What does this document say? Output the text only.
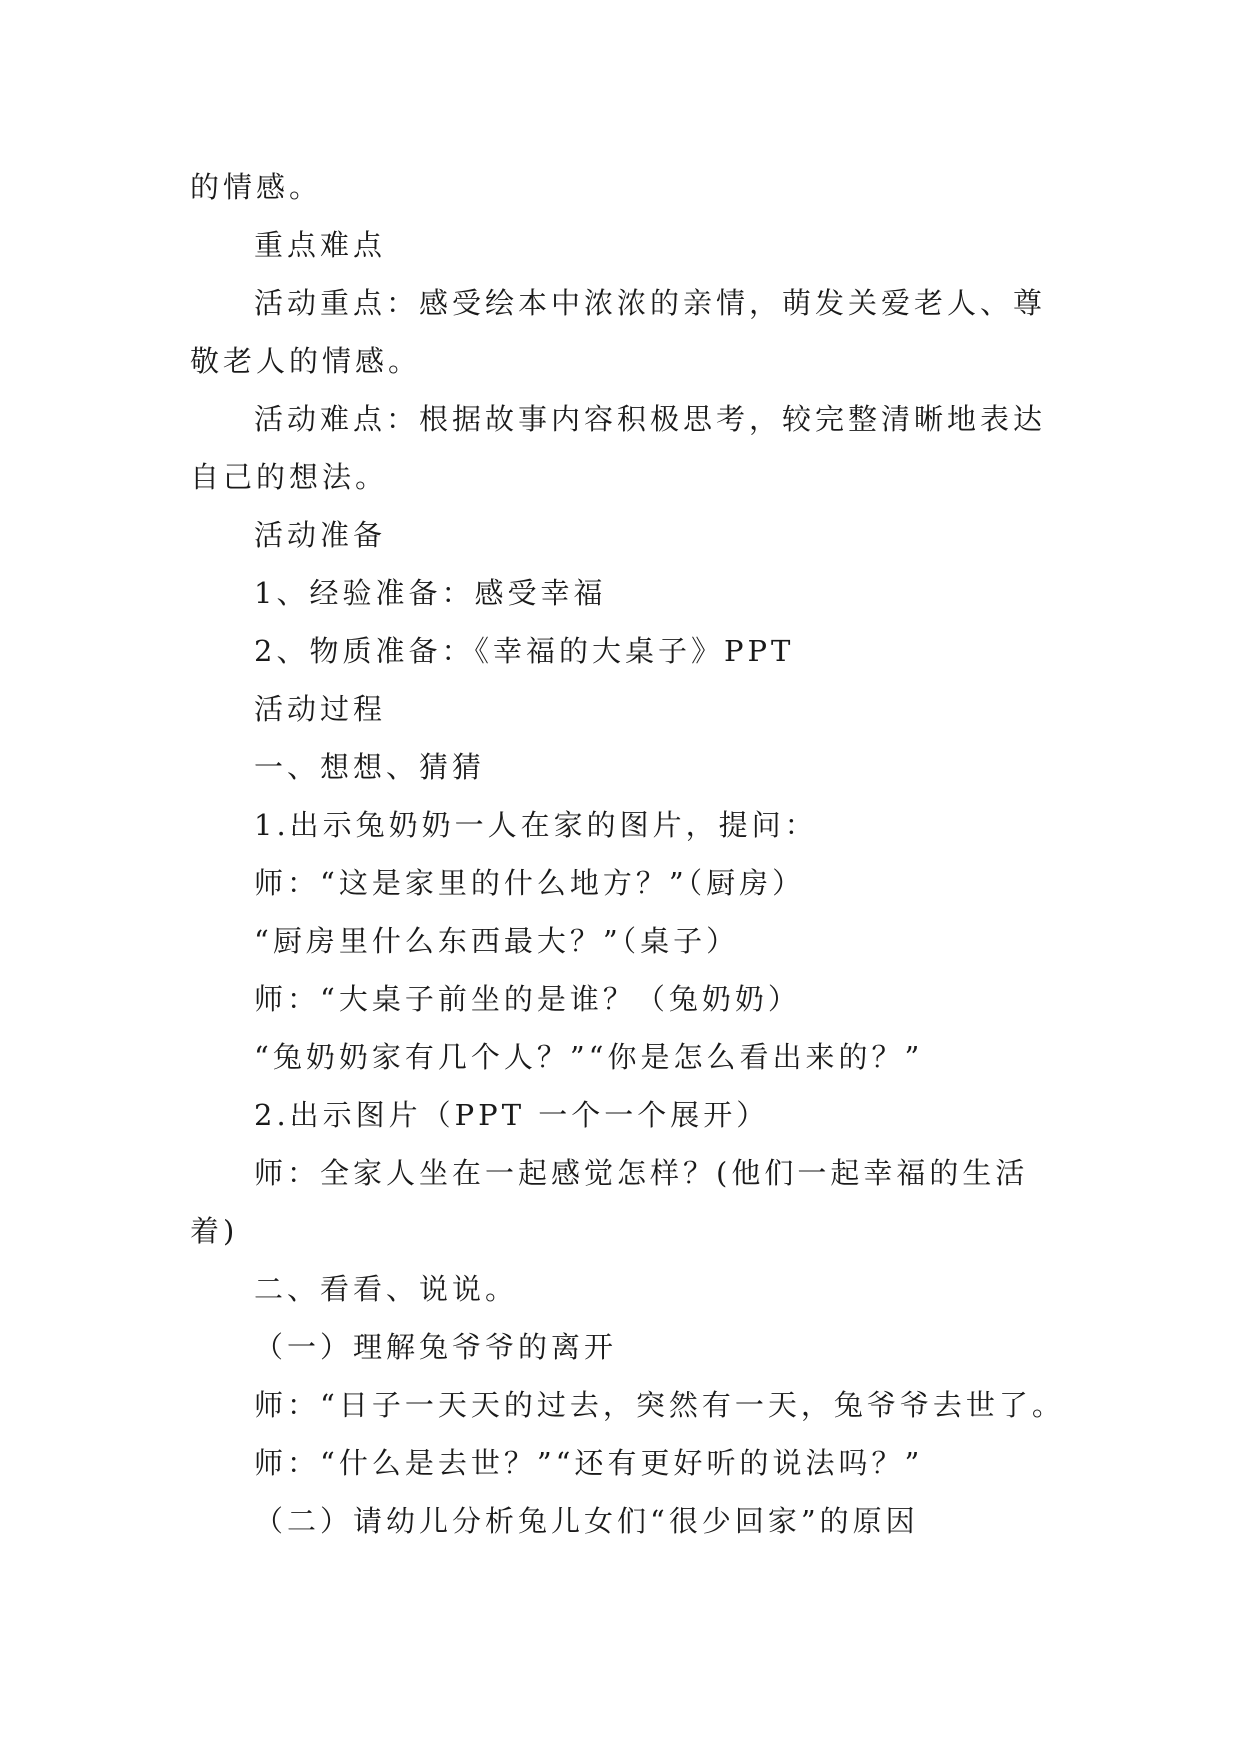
的情感。
重点难点
活动重点：感受绘本中浓浓的亲情，萌发关爱老人、尊
敬老人的情感。
活动难点：根据故事内容积极思考，较完整清晰地表达
自己的想法。
活动准备
1、经验准备：感受幸福
2、物质准备：《幸福的大桌子》PPT
活动过程
一、想想、猜猜
1.出示兔奶奶一人在家的图片，提问：
师：“这是家里的什么地方？”（厨房）
“厨房里什么东西最大？”（桌子）
师：“大桌子前坐的是谁？（兔奶奶）
“兔奶奶家有几个人？”“你是怎么看出来的？”
2.出示图片（PPT 一个一个展开）
师：全家人坐在一起感觉怎样？(他们一起幸福的生活
着)
二、看看、说说。
（一）理解兔爷爷的离开
师：“日子一天天的过去，突然有一天，兔爷爷去世了。
师：“什么是去世？”“还有更好听的说法吗？”
（二）请幼儿分析兔儿女们“很少回家”的原因
